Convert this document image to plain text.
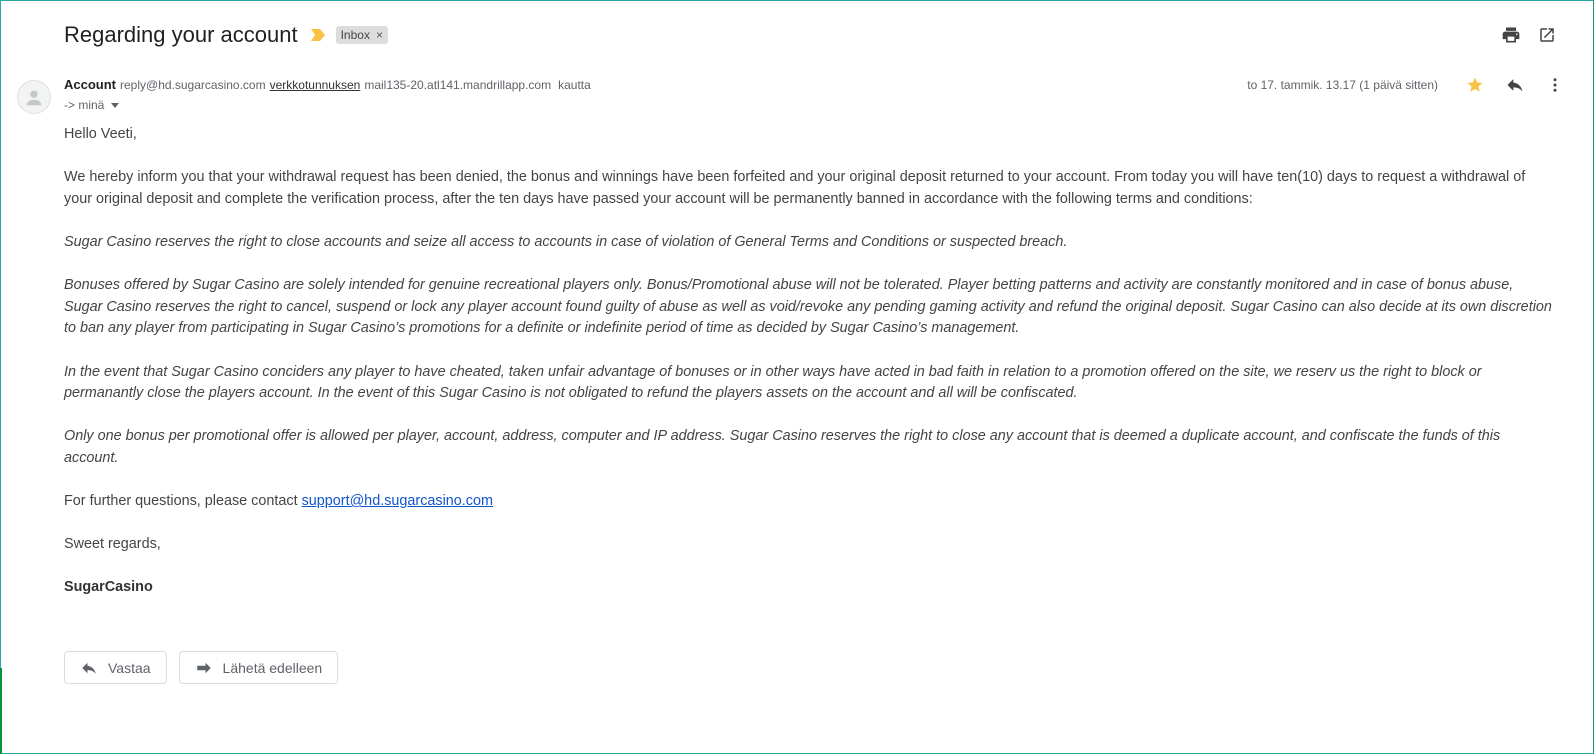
Regarding your account	Inbox ×
Account reply@hd.sugarcasino.com verkkotunnuksen mail135-20.atl141.mandrillapp.com kautta
-> minä
to 17. tammik. 13.17 (1 päivä sitten)

Hello Veeti,

We hereby inform you that your withdrawal request has been denied, the bonus and winnings have been forfeited and your original deposit returned to your account. From today you will have ten(10) days to request a withdrawal of your original deposit and complete the verification process, after the ten days have passed your account will be permanently banned in accordance with the following terms and conditions:

Sugar Casino reserves the right to close accounts and seize all access to accounts in case of violation of General Terms and Conditions or suspected breach.

Bonuses offered by Sugar Casino are solely intended for genuine recreational players only. Bonus/Promotional abuse will not be tolerated. Player betting patterns and activity are constantly monitored and in case of bonus abuse, Sugar Casino reserves the right to cancel, suspend or lock any player account found guilty of abuse as well as void/revoke any pending gaming activity and refund the original deposit. Sugar Casino can also decide at its own discretion to ban any player from participating in Sugar Casino’s promotions for a definite or indefinite period of time as decided by Sugar Casino’s management.

In the event that Sugar Casino conciders any player to have cheated, taken unfair advantage of bonuses or in other ways have acted in bad faith in relation to a promotion offered on the site, we reserv us the right to block or permanantly close the players account. In the event of this Sugar Casino is not obligated to refund the players assets on the account and all will be confiscated.

Only one bonus per promotional offer is allowed per player, account, address, computer and IP address. Sugar Casino reserves the right to close any account that is deemed a duplicate account, and confiscate the funds of this account.

For further questions, please contact support@hd.sugarcasino.com

Sweet regards,

SugarCasino

Vastaa	Lähetä edelleen
